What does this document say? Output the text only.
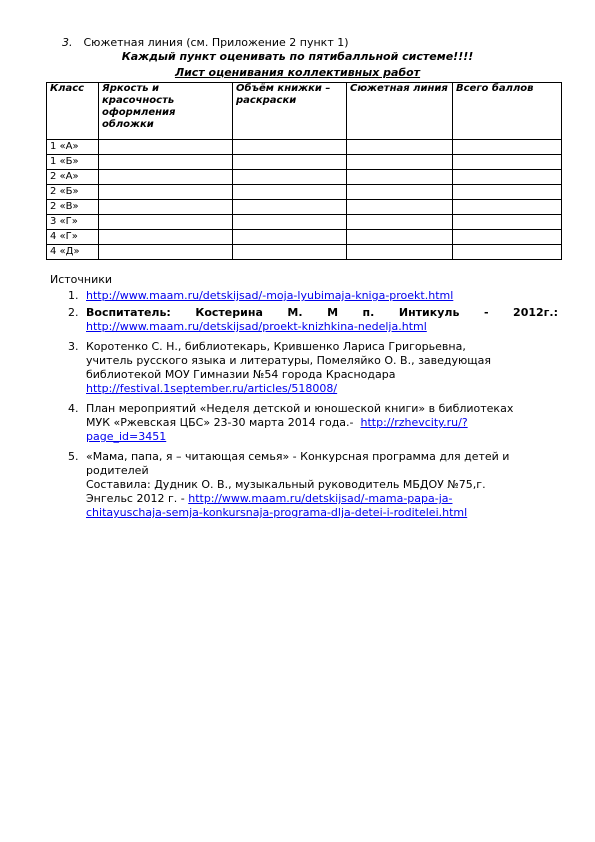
3. Сюжетная линия (см. Приложение 2 пункт 1)
Каждый пункт оценивать по пятибалльной системе!!!!
Лист оценивания коллективных работ
Класс	Яркость и красочность оформления обложки	Объём книжки – раскраски	Сюжетная линия	Всего баллов
1 «А»				
1 «Б»				
2 «А»				
2 «Б»				
2 «В»				
3 «Г»				
4 «Г»				
4 «Д»				
Источники
1. http://www.maam.ru/detskijsad/-moja-lyubimaja-kniga-proekt.html
2. Воспитатель: Костерина М. М п. Интикуль - 2012г.:
http://www.maam.ru/detskijsad/proekt-knizhkina-nedelja.html
3. Коротенко С. Н., библиотекарь, Крившенко Лариса Григорьевна,
учитель русского языка и литературы, Помеляйко О. В., заведующая
библиотекой МОУ Гимназии №54 города Краснодара
http://festival.1september.ru/articles/518008/
4. План мероприятий «Неделя детской и юношеской книги» в библиотеках
МУК «Ржевская ЦБС» 23-30 марта 2014 года.- http://rzhevcity.ru/?
page_id=3451
5. «Мама, папа, я – читающая семья» - Конкурсная программа для детей и
родителей
Составила: Дудник О. В., музыкальный руководитель МБДОУ №75,г.
Энгельс 2012 г. - http://www.maam.ru/detskijsad/-mama-papa-ja-
chitayuschaja-semja-konkursnaja-programa-dlja-detei-i-roditelei.html
